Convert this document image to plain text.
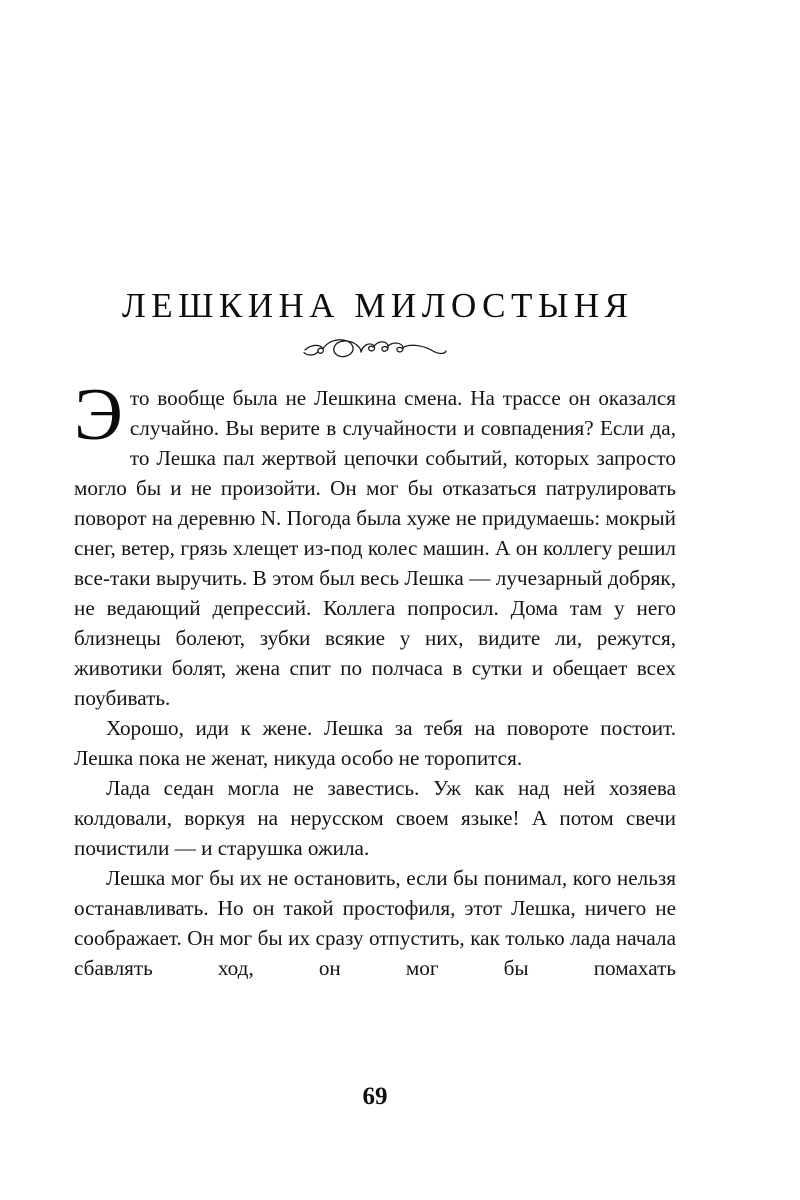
ЛЕШКИНА МИЛОСТЫНЯ

Это вообще была не Лешкина смена. На трассе он оказался случайно. Вы верите в случайности и совпадения? Если да, то Лешка пал жертвой цепочки событий, которых запросто могло бы и не произойти. Он мог бы отказаться патрулировать поворот на деревню N. Погода была хуже не придумаешь: мокрый снег, ветер, грязь хлещет из-под колес машин. А он коллегу решил все-таки выручить. В этом был весь Лешка — лучезарный добряк, не ведающий депрессий. Коллега попросил. Дома там у него близнецы болеют, зубки всякие у них, видите ли, режутся, животики болят, жена спит по полчаса в сутки и обещает всех поубивать.

Хорошо, иди к жене. Лешка за тебя на повороте постоит. Лешка пока не женат, никуда особо не торопится.

Лада седан могла не завестись. Уж как над ней хозяева колдовали, воркуя на нерусском своем языке! А потом свечи почистили — и старушка ожила.

Лешка мог бы их не остановить, если бы понимал, кого нельзя останавливать. Но он такой простофиля, этот Лешка, ничего не соображает. Он мог бы их сразу отпустить, как только лада начала сбавлять ход, он мог бы помахать

69
